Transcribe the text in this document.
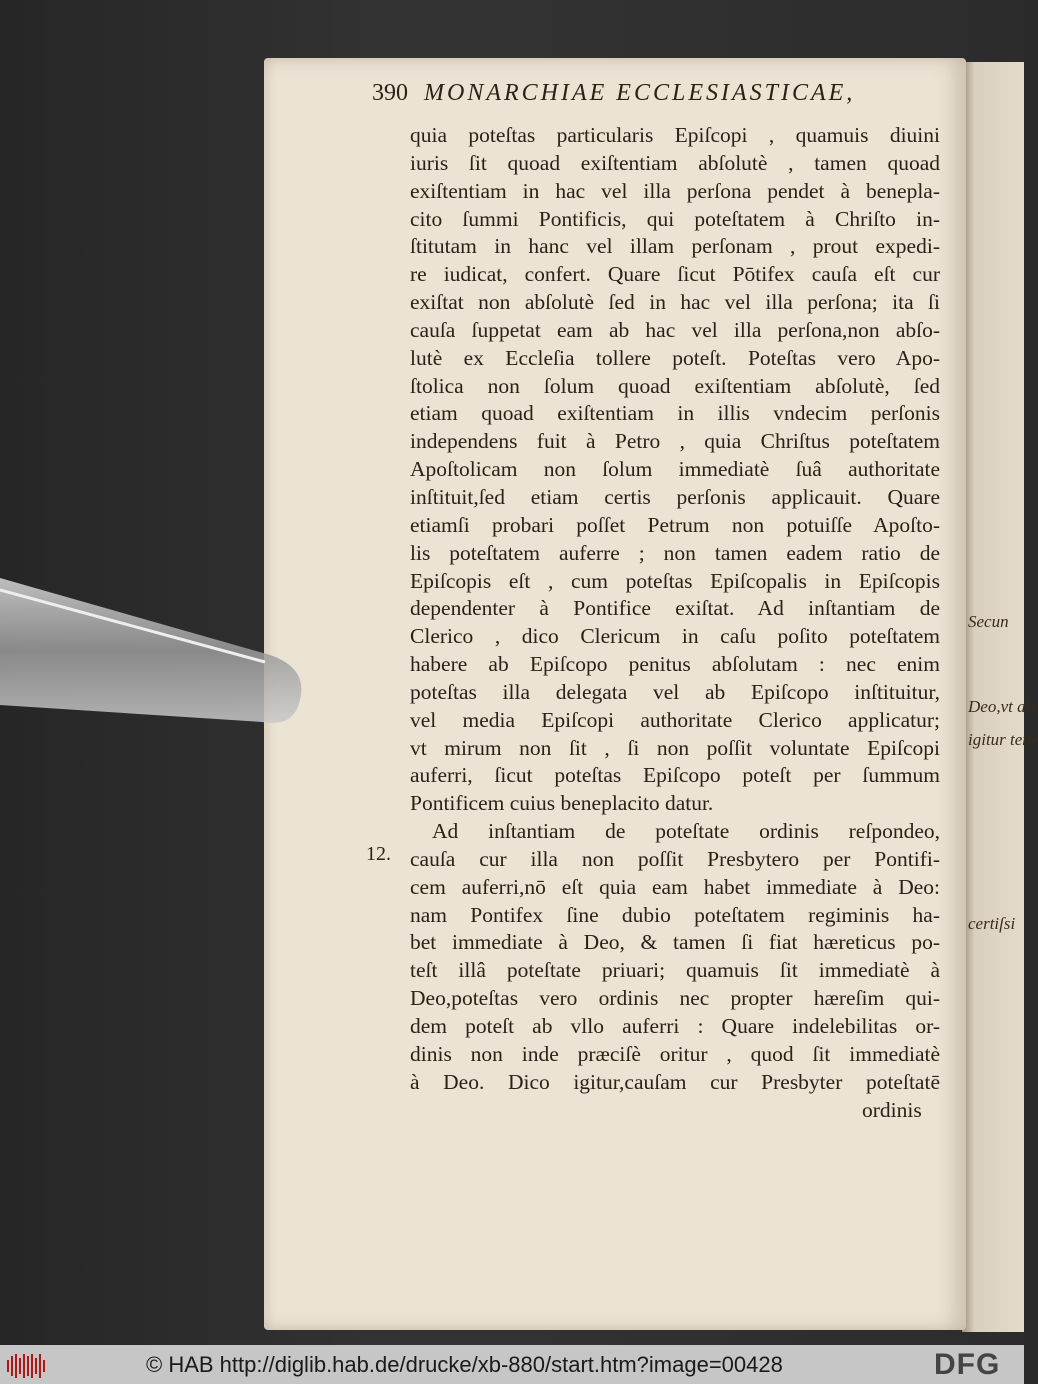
Secun
Deo,vt ab
igitur tene
certiſsi
390 MONARCHIAE ECCLESIASTICAE,
quia poteſtas particularis Epiſcopi , quamuis diuini
iuris ſit quoad exiſtentiam abſolutè , tamen quoad
exiſtentiam in hac vel illa perſona pendet à benepla-
cito ſummi Pontificis, qui poteſtatem à Chriſto in-
ſtitutam in hanc vel illam perſonam , prout expedi-
re iudicat, confert. Quare ſicut Pōtifex cauſa eſt cur
exiſtat non abſolutè ſed in hac vel illa perſona; ita ſi
cauſa ſuppetat eam ab hac vel illa perſona,non abſo-
lutè ex Eccleſia tollere poteſt. Poteſtas vero Apo-
ſtolica non ſolum quoad exiſtentiam abſolutè, ſed
etiam quoad exiſtentiam in illis vndecim perſonis
independens fuit à Petro , quia Chriſtus poteſtatem
Apoſtolicam non ſolum immediatè ſuâ authoritate
inſtituit,ſed etiam certis perſonis applicauit. Quare
etiamſi probari poſſet Petrum non potuiſſe Apoſto-
lis poteſtatem auferre ; non tamen eadem ratio de
Epiſcopis eſt , cum poteſtas Epiſcopalis in Epiſcopis
dependenter à Pontifice exiſtat. Ad inſtantiam de
Clerico , dico Clericum in caſu poſito poteſtatem
habere ab Epiſcopo penitus abſolutam : nec enim
poteſtas illa delegata vel ab Epiſcopo inſtituitur,
vel media Epiſcopi authoritate Clerico applicatur;
vt mirum non ſit , ſi non poſſit voluntate Epiſcopi
auferri, ſicut poteſtas Epiſcopo poteſt per ſummum
Pontificem cuius beneplacito datur.
Ad inſtantiam de poteſtate ordinis reſpondeo,
cauſa cur illa non poſſit Presbytero per Pontifi-
cem auferri,nō eſt quia eam habet immediate à Deo:
nam Pontifex ſine dubio poteſtatem regiminis ha-
bet immediate à Deo, & tamen ſi fiat hæreticus po-
teſt illâ poteſtate priuari; quamuis ſit immediatè à
Deo,poteſtas vero ordinis nec propter hæreſim qui-
dem poteſt ab vllo auferri : Quare indelebilitas or-
dinis non inde præciſè oritur , quod ſit immediatè
à Deo. Dico igitur,cauſam cur Presbyter poteſtatē
12.
ordinis
© HAB http://diglib.hab.de/drucke/xb-880/start.htm?image=00428	DFG
